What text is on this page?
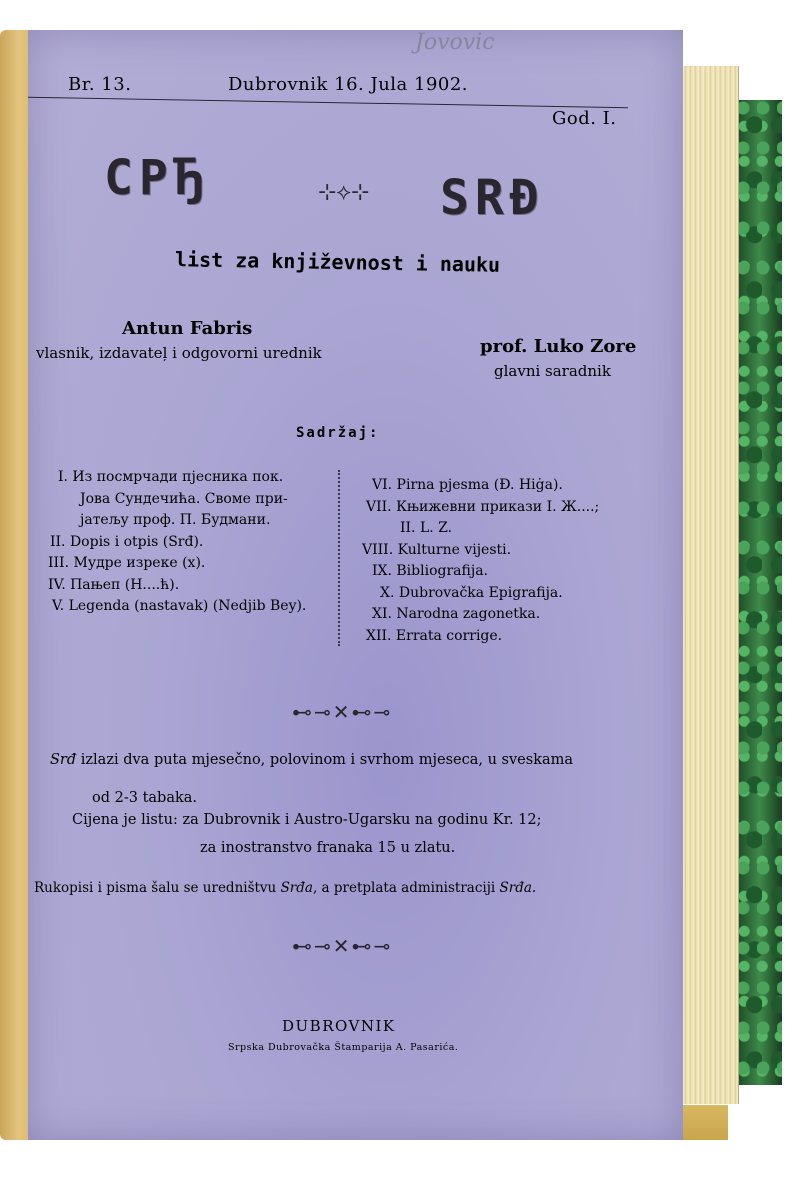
Jovovic
Br. 13.	Dubrovnik 16. Jula 1902.
God. I.
СРЂ	⊹⟡⊹ SRĐ
list za književnost i nauku
Antun Fabris
vlasnik, izdavateļ i odgovorni urednik	prof. Luko Zore
glavni saradnik
Sadržaj:
I. Из посмрчади пјесника пок.
Јова Сундечића. Своме при-
јатељу проф. П. Будмани.
II. Dopis i otpis (Srđ).
III. Мудре изреке (х).
IV. Пањеп (Н....ћ).
V. Legenda (nastavak) (Nedjib Bey).
VI. Pirna pjesma (Đ. Hiġa).
VII. Књижевни прикази І. Ж....;
II. L. Z.
VIII. Kulturne vijesti.
IX. Bibliografija.
X. Dubrovačka Epigrafija.
XI. Narodna zagonetka.
XII. Errata corrige.
⊷⊸✕⊷⊸
Srđ izlazi dva puta mjesečno, polovinom i svrhom mjeseca, u sveskama
od 2-3 tabaka.
Cijena je listu: za Dubrovnik i Austro-Ugarsku na godinu Kr. 12;
za inostranstvo franaka 15 u zlatu.
Rukopisi i pisma šalu se uredništvu Srđa, a pretplata administraciji Srđa.
⊷⊸✕⊷⊸
DUBROVNIK
Srpska Dubrovačka Štamparija A. Pasarića.
